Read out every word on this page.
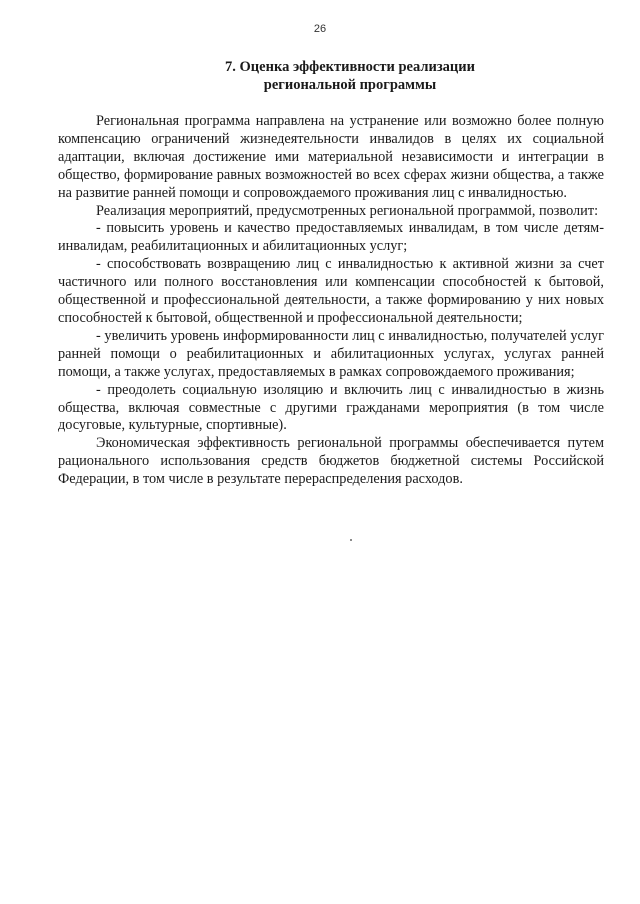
26
7. Оценка эффективности реализации
региональной программы

Региональная программа направлена на устранение или возможно более полную компенсацию ограничений жизнедеятельности инвалидов в целях их социальной адаптации, включая достижение ими материальной независимости и интеграции в общество, формирование равных возможностей во всех сферах жизни общества, а также на развитие ранней помощи и сопровождаемого проживания лиц с инвалидностью.

Реализация мероприятий, предусмотренных региональной программой, позволит:

- повысить уровень и качество предоставляемых инвалидам, в том числе детям-инвалидам, реабилитационных и абилитационных услуг;

- способствовать возвращению лиц с инвалидностью к активной жизни за счет частичного или полного восстановления или компенсации способностей к бытовой, общественной и профессиональной деятельности, а также формированию у них новых способностей к бытовой, общественной и профессиональной деятельности;

- увеличить уровень информированности лиц с инвалидностью, получателей услуг ранней помощи о реабилитационных и абилитационных услугах, услугах ранней помощи, а также услугах, предоставляемых в рамках сопровождаемого проживания;

- преодолеть социальную изоляцию и включить лиц с инвалидностью в жизнь общества, включая совместные с другими гражданами мероприятия (в том числе досуговые, культурные, спортивные).

Экономическая эффективность региональной программы обеспечивается путем рационального использования средств бюджетов бюджетной системы Российской Федерации, в том числе в результате перераспределения расходов.
